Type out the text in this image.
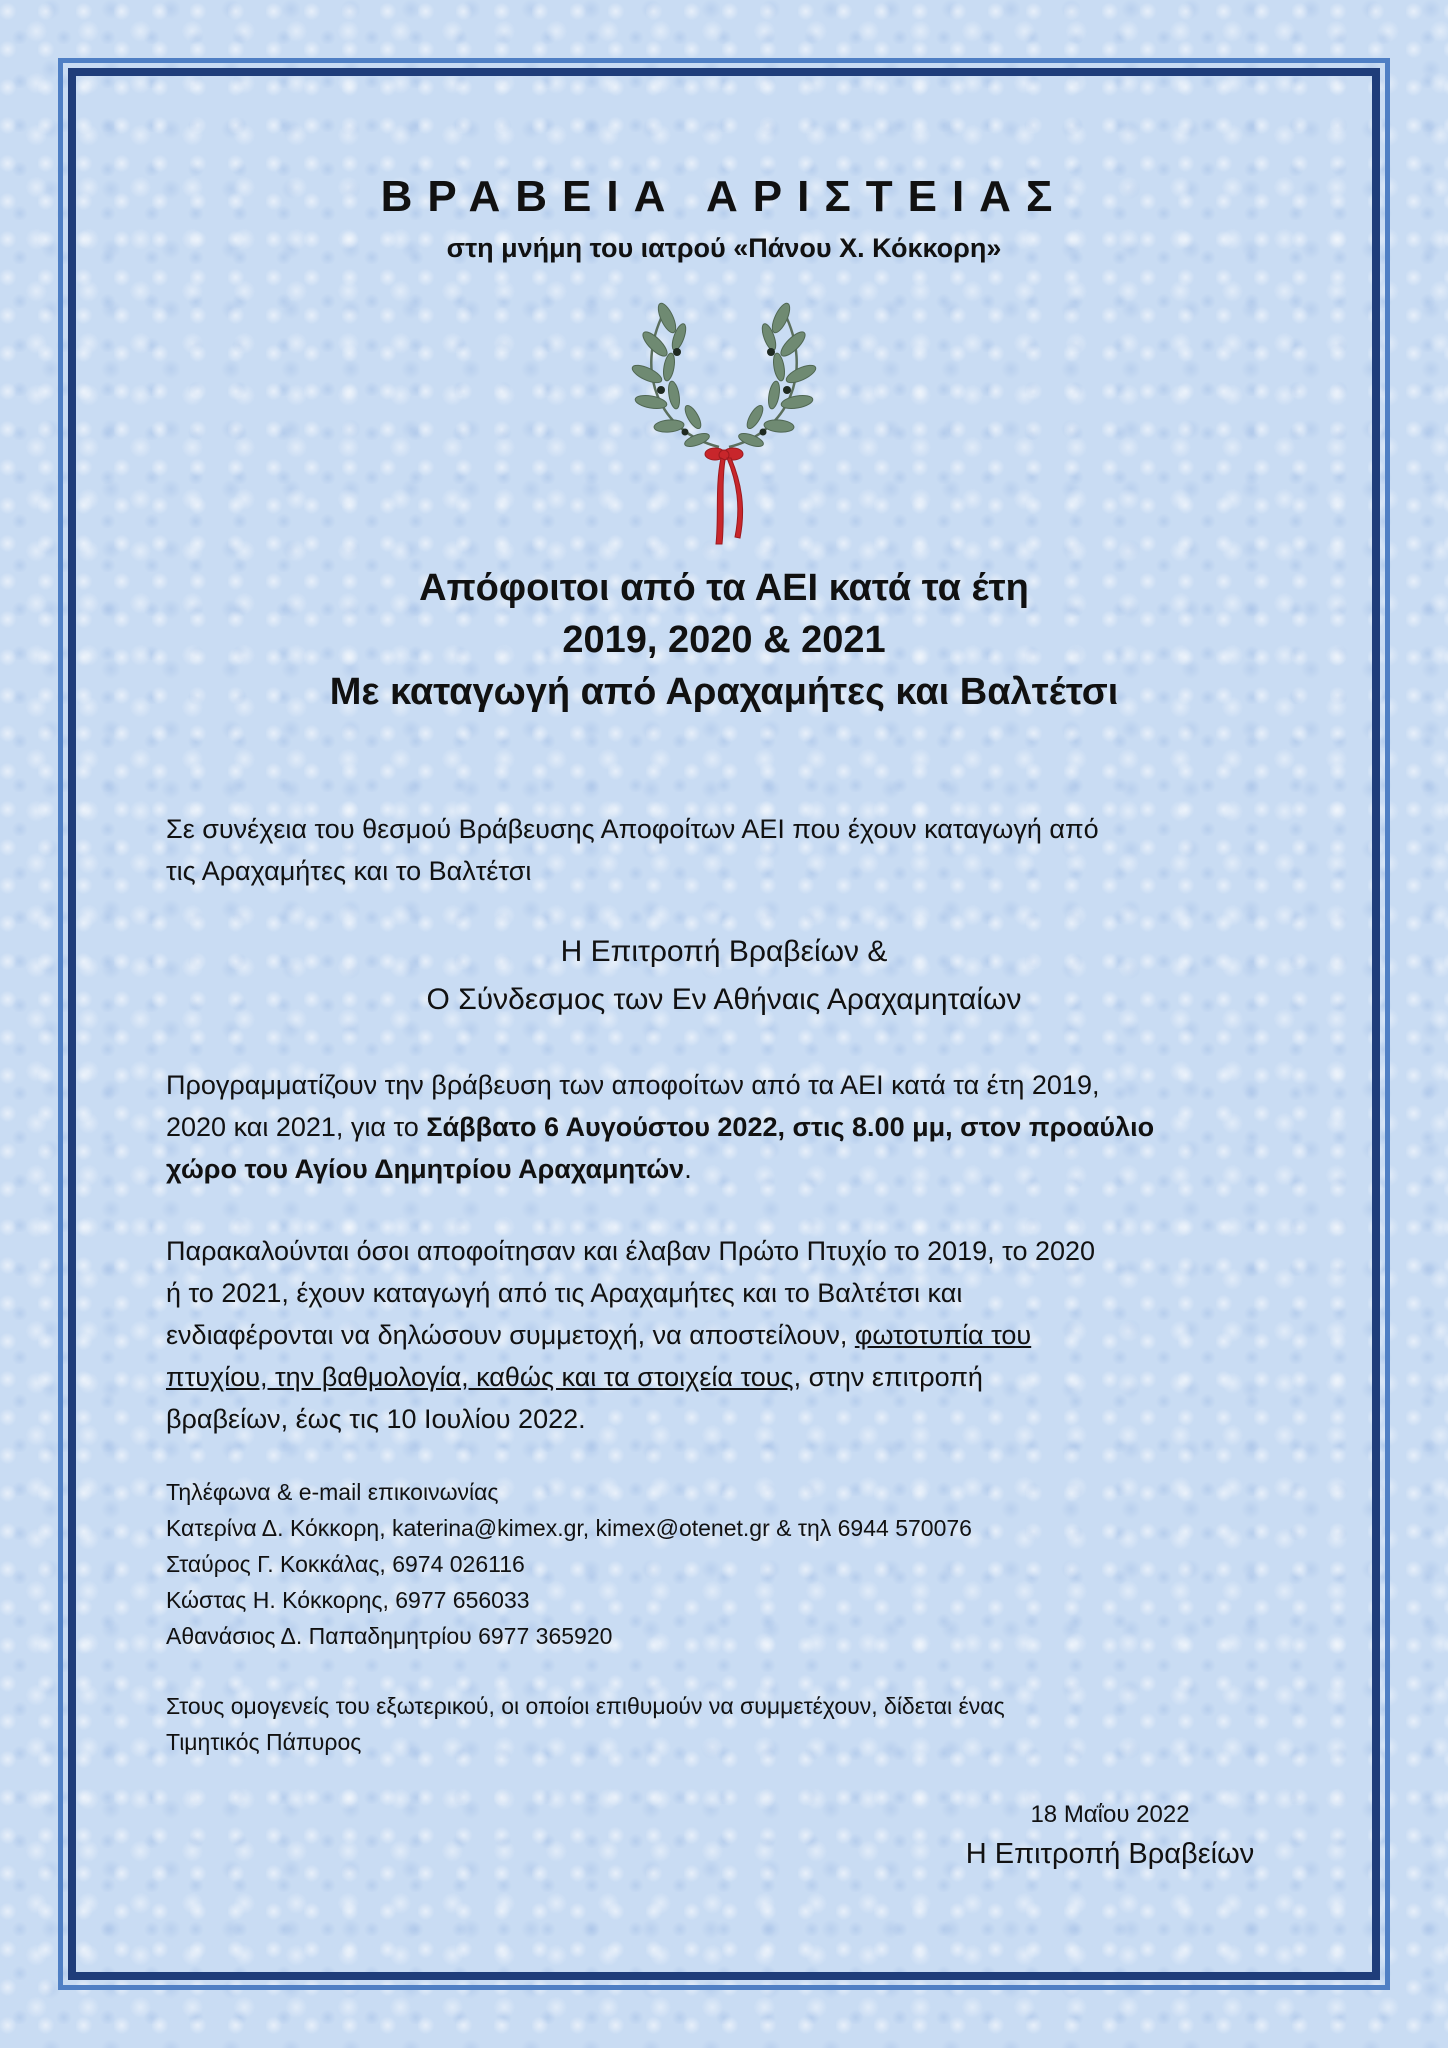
ΒΡΑΒΕΙΑ ΑΡΙΣΤΕΙΑΣ
στη μνήμη του ιατρού «Πάνου Χ. Κόκκορη»
Απόφοιτοι από τα ΑΕΙ κατά τα έτη
2019, 2020 & 2021
Με καταγωγή από Αραχαμήτες και Βαλτέτσι
Σε συνέχεια του θεσμού Βράβευσης Αποφοίτων ΑΕΙ που έχουν καταγωγή από
τις Αραχαμήτες και το Βαλτέτσι
Η Επιτροπή Βραβείων &
Ο Σύνδεσμος των Εν Αθήναις Αραχαμηταίων
Προγραμματίζουν την βράβευση των αποφοίτων από τα ΑΕΙ κατά τα έτη 2019,
2020 και 2021, για το Σάββατο 6 Αυγούστου 2022, στις 8.00 μμ, στον προαύλιο
χώρο του Αγίου Δημητρίου Αραχαμητών.
Παρακαλούνται όσοι αποφοίτησαν και έλαβαν Πρώτο Πτυχίο το 2019, το 2020
ή το 2021, έχουν καταγωγή από τις Αραχαμήτες και το Βαλτέτσι και
ενδιαφέρονται να δηλώσουν συμμετοχή, να αποστείλουν, φωτοτυπία του
πτυχίου, την βαθμολογία, καθώς και τα στοιχεία τους, στην επιτροπή
βραβείων, έως τις 10 Ιουλίου 2022.
Τηλέφωνα & e-mail επικοινωνίας
Κατερίνα Δ. Κόκκορη, katerina@kimex.gr, kimex@otenet.gr & τηλ 6944 570076
Σταύρος Γ. Κοκκάλας, 6974 026116
Κώστας Η. Κόκκορης, 6977 656033
Αθανάσιος Δ. Παπαδημητρίου 6977 365920
Στους ομογενείς του εξωτερικού, οι οποίοι επιθυμούν να συμμετέχουν, δίδεται ένας
Τιμητικός Πάπυρος
18 Μαΐου 2022
Η Επιτροπή Βραβείων
